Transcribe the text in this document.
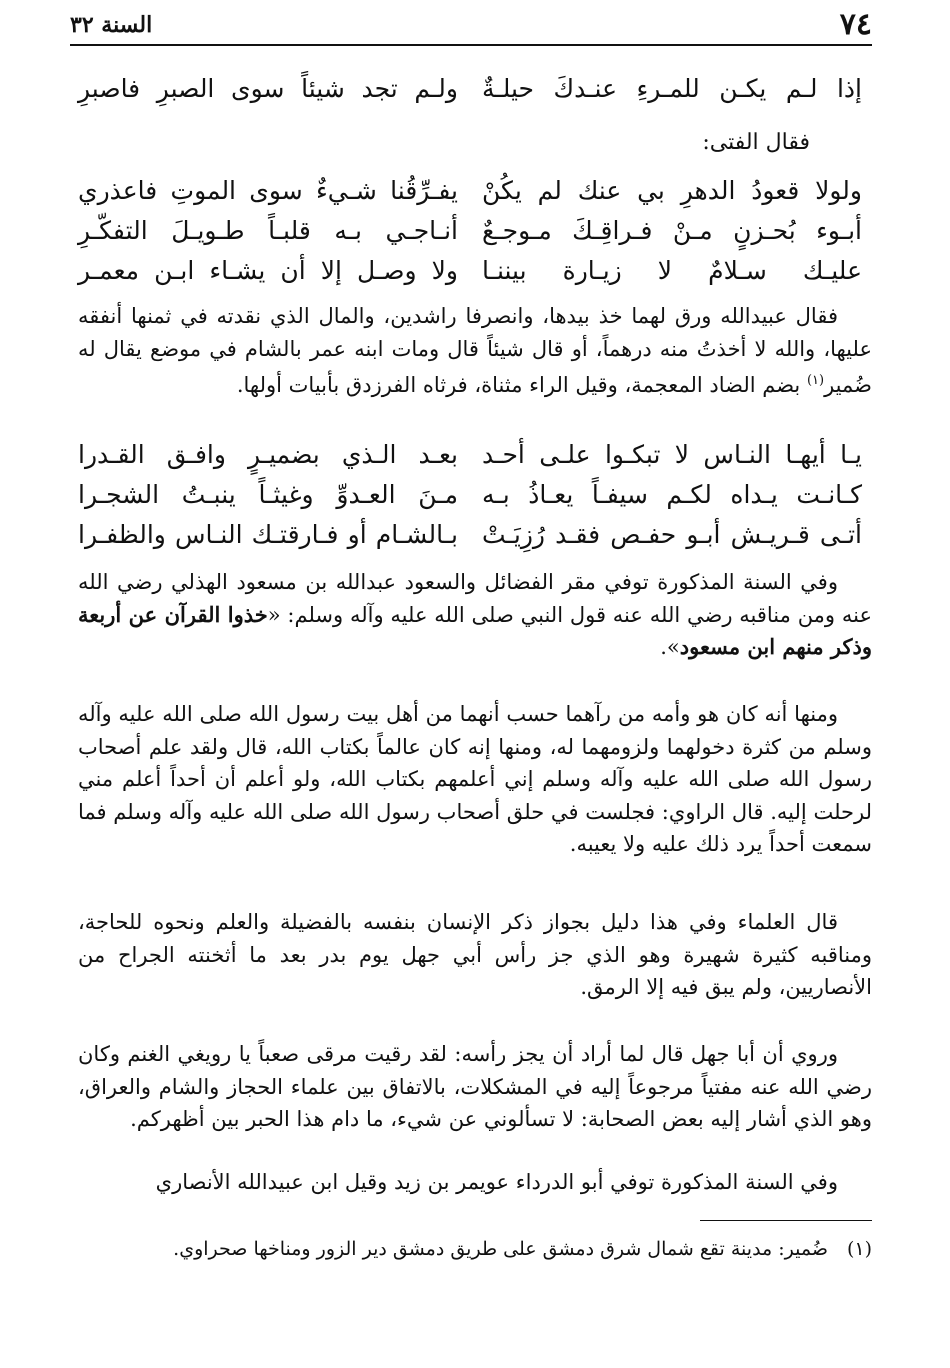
٧٤
السنة ٣٢
إذا لـم يكـن للمـرءِ عنـدكَ حيلـةٌ
ولـم تجد شيئاً سوى الصبرِ فاصبرِ
فقال الفتى:
ولولا قعودُ الدهرِ بي عنك لم يكُنْ
يفـرِّقُنا شـيءٌ سوى الموتِ فاعذري
أبـوء بُحـزنٍ مـنْ فـراقِـكَ مـوجـعٌ
أنـاجـي بـه قلبـاً طـويـلَ التفكّـرِ
عليـك سـلامٌ لا زيـارة بيننـا
ولا وصـل إلا أن يشـاء ابـن معمـر

فقال عبيدالله ورق لهما خذ بيدها، وانصرفا راشدين، والمال الذي نقدته في ثمنها أنفقه عليها، والله لا أخذتُ منه درهماً، أو قال شيئاً قال ومات ابنه عمر بالشام في موضع يقال له ضُمير$^{(١)}$ بضم الضاد المعجمة، وقيل الراء مثناة، فرثاه الفرزدق بأبيات أولها.

يـا أيهـا النـاس لا تبكـوا علـى أحـد
بعـد الـذي بضميـرٍ وافـق القـدرا
كـانـت يـداه لكـم سيفـاً يعـاذُ بـه
مـنَ العـدوِّ وغيثـاً ينبـتُ الشجـرا
أتـى قـريـش أبـو حفـص فقـد رُزِيَـتْ
بـالشـام أو فـارقتـك النـاس والظفـرا

وفي السنة المذكورة توفي مقر الفضائل والسعود عبدالله بن مسعود الهذلي رضي الله عنه ومن مناقبه رضي الله عنه قول النبي صلى الله عليه وآله وسلم: «خذوا القرآن عن أربعة وذكر منهم ابن مسعود».

ومنها أنه كان هو وأمه من رآهما حسب أنهما من أهل بيت رسول الله صلى الله عليه وآله وسلم من كثرة دخولهما ولزومهما له، ومنها إنه كان عالماً بكتاب الله، قال ولقد علم أصحاب رسول الله صلى الله عليه وآله وسلم إني أعلمهم بكتاب الله، ولو أعلم أن أحداً أعلم مني لرحلت إليه. قال الراوي: فجلست في حلق أصحاب رسول الله صلى الله عليه وآله وسلم فما سمعت أحداً يرد ذلك عليه ولا يعيبه.

قال العلماء وفي هذا دليل بجواز ذكر الإنسان بنفسه بالفضيلة والعلم ونحوه للحاجة، ومناقبه كثيرة شهيرة وهو الذي جز رأس أبي جهل يوم بدر بعد ما أثخنته الجراح من الأنصاريين، ولم يبق فيه إلا الرمق.

وروي أن أبا جهل قال لما أراد أن يجز رأسه: لقد رقيت مرقى صعباً يا رويغي الغنم وكان رضي الله عنه مفتياً مرجوعاً إليه في المشكلات، بالاتفاق بين علماء الحجاز والشام والعراق، وهو الذي أشار إليه بعض الصحابة: لا تسألوني عن شيء، ما دام هذا الحبر بين أظهركم.

وفي السنة المذكورة توفي أبو الدرداء عويمر بن زيد وقيل ابن عبيدالله الأنصاري

(١)ضُمير: مدينة تقع شمال شرق دمشق على طريق دمشق دير الزور ومناخها صحراوي.
